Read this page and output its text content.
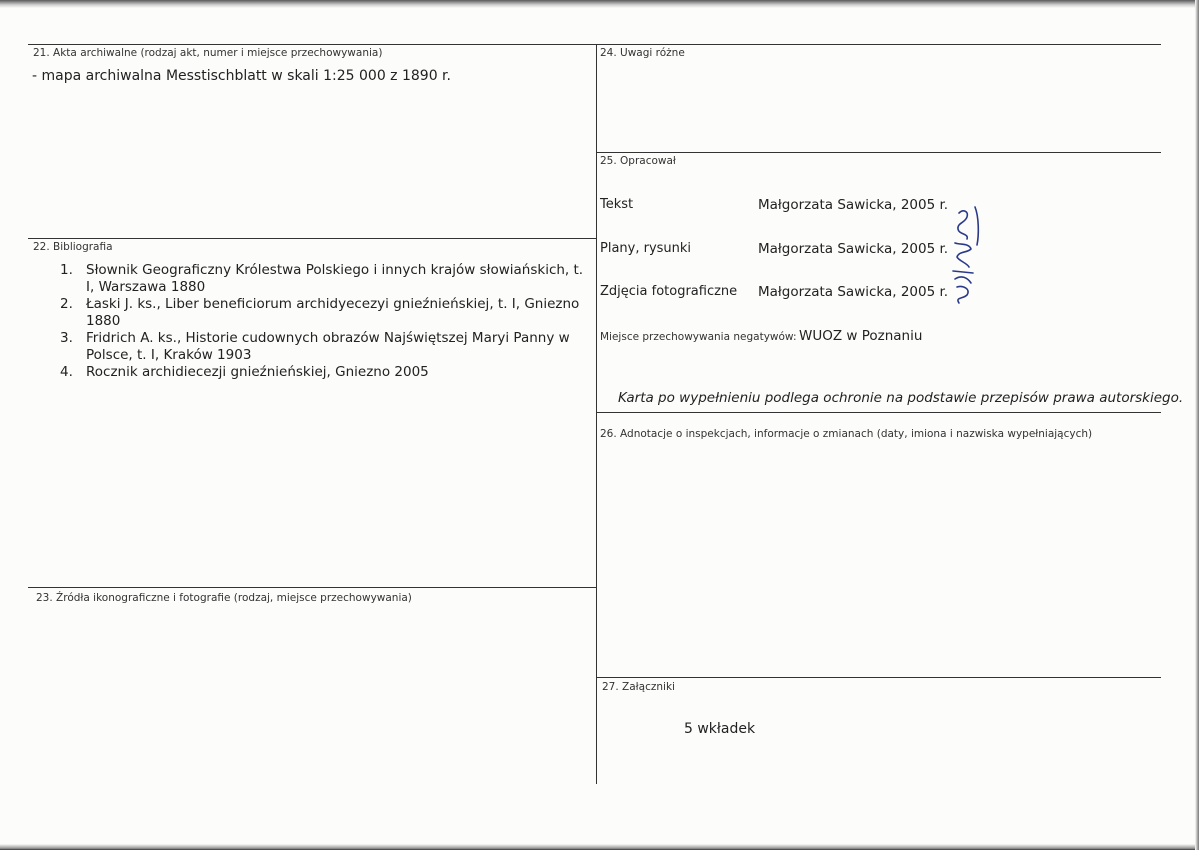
21. Akta archiwalne (rodzaj akt, numer i miejsce przechowywania)
- mapa archiwalna Messtischblatt w skali 1:25 000 z 1890 r.
22. Bibliografia
1. Słownik Geograficzny Królestwa Polskiego i innych krajów słowiańskich, t. I, Warszawa 1880
2. Łaski J. ks., Liber beneficiorum archidyecezyi gnieźnieńskiej, t. I, Gniezno 1880
3. Fridrich A. ks., Historie cudownych obrazów Najświętszej Maryi Panny w Polsce, t. I, Kraków 1903
4. Rocznik archidiecezji gnieźnieńskiej, Gniezno 2005
23. Źródła ikonograficzne i fotografie (rodzaj, miejsce przechowywania)
24. Uwagi różne
25. Opracował
Tekst	Małgorzata Sawicka, 2005 r.
Plany, rysunki	Małgorzata Sawicka, 2005 r.
Zdjęcia fotograficzne Małgorzata Sawicka, 2005 r.
Miejsce przechowywania negatywów: WUOZ w Poznaniu
Karta po wypełnieniu podlega ochronie na podstawie przepisów prawa autorskiego.
26. Adnotacje o inspekcjach, informacje o zmianach (daty, imiona i nazwiska wypełniających)
27. Załączniki
5 wkładek
